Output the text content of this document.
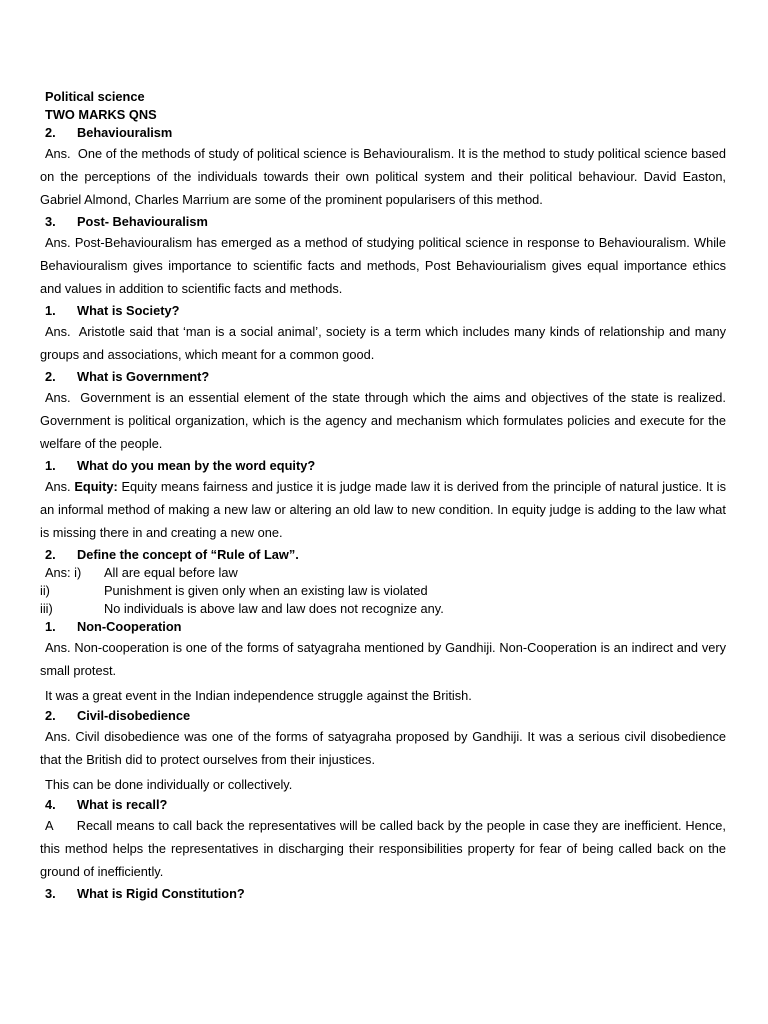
Political science
TWO MARKS QNS
2.	Behaviouralism

Ans. One of the methods of study of political science is Behaviouralism. It is the method to study political science based on the perceptions of the individuals towards their own political system and their political behaviour. David Easton, Gabriel Almond, Charles Marrium are some of the prominent popularisers of this method.

3.	Post- Behaviouralism

Ans. Post-Behaviouralism has emerged as a method of studying political science in response to Behaviouralism. While Behaviouralism gives importance to scientific facts and methods, Post Behaviourialism gives equal importance ethics and values in addition to scientific facts and methods.

1.	What is Society?

Ans. Aristotle said that ‘man is a social animal’, society is a term which includes many kinds of relationship and many groups and associations, which meant for a common good.

2.	What is Government?

Ans. Government is an essential element of the state through which the aims and objectives of the state is realized. Government is political organization, which is the agency and mechanism which formulates policies and execute for the welfare of the people.

1.	What do you mean by the word equity?

Ans. Equity: Equity means fairness and justice it is judge made law it is derived from the principle of natural justice. It is an informal method of making a new law or altering an old law to new condition. In equity judge is adding to the law what is missing there in and creating a new one.

2.	Define the concept of “Rule of Law”.
Ans: i)	All are equal before law
ii)	Punishment is given only when an existing law is violated
iii)	No individuals is above law and law does not recognize any.
1.	Non-Cooperation

Ans. Non-cooperation is one of the forms of satyagraha mentioned by Gandhiji. Non-Cooperation is an indirect and very small protest.

It was a great event in the Indian independence struggle against the British.
2.	Civil-disobedience

Ans. Civil disobedience was one of the forms of satyagraha proposed by Gandhiji. It was a serious civil disobedience that the British did to protect ourselves from their injustices.

This can be done individually or collectively.
4.	What is recall?

A Recall means to call back the representatives will be called back by the people in case they are inefficient. Hence, this method helps the representatives in discharging their responsibilities property for fear of being called back on the ground of inefficiently.

3.	What is Rigid Constitution?
